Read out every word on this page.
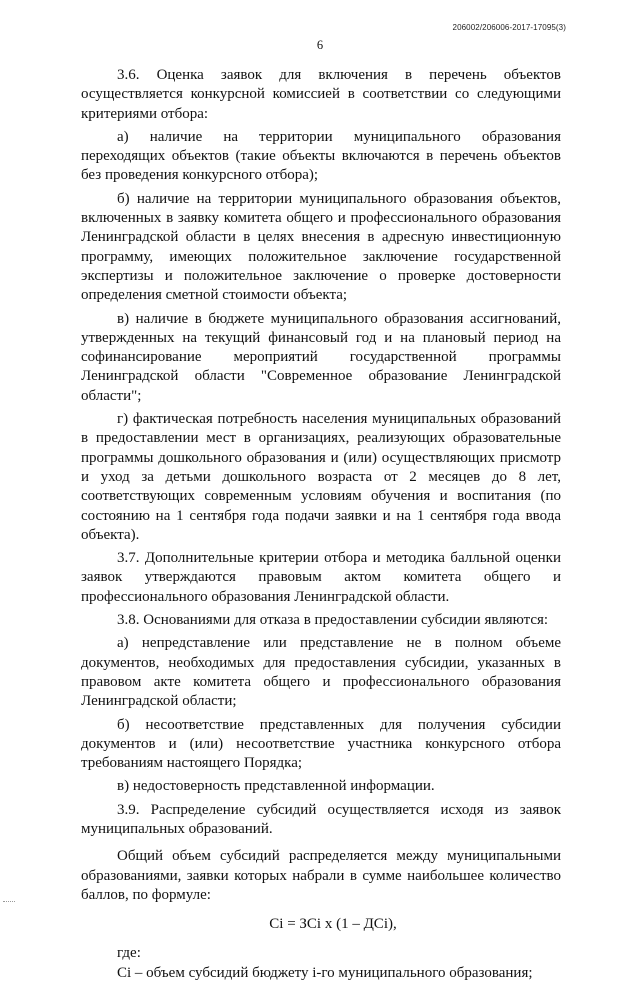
206002/206006-2017-17095(3)
6

3.6. Оценка заявок для включения в перечень объектов осуществляется конкурсной комиссией в соответствии со следующими критериями отбора:

а) наличие на территории муниципального образования переходящих объектов (такие объекты включаются в перечень объектов без проведения конкурсного отбора);

б) наличие на территории муниципального образования объектов, включенных в заявку комитета общего и профессионального образования Ленинградской области в целях внесения в адресную инвестиционную программу, имеющих положительное заключение государственной экспертизы и положительное заключение о проверке достоверности определения сметной стоимости объекта;

в) наличие в бюджете муниципального образования ассигнований, утвержденных на текущий финансовый год и на плановый период на софинансирование мероприятий государственной программы Ленинградской области "Современное образование Ленинградской области";

г) фактическая потребность населения муниципальных образований в предоставлении мест в организациях, реализующих образовательные программы дошкольного образования и (или) осуществляющих присмотр и уход за детьми дошкольного возраста от 2 месяцев до 8 лет, соответствующих современным условиям обучения и воспитания (по состоянию на 1 сентября года подачи заявки и на 1 сентября года ввода объекта).

3.7. Дополнительные критерии отбора и методика балльной оценки заявок утверждаются правовым актом комитета общего и профессионального образования Ленинградской области.

3.8. Основаниями для отказа в предоставлении субсидии являются:

а) непредставление или представление не в полном объеме документов, необходимых для предоставления субсидии, указанных в правовом акте комитета общего и профессионального образования Ленинградской области;

б) несоответствие представленных для получения субсидии документов и (или) несоответствие участника конкурсного отбора требованиям настоящего Порядка;

в) недостоверность представленной информации.

3.9. Распределение субсидий осуществляется исходя из заявок муниципальных образований.

Общий объем субсидий распределяется между муниципальными образованиями, заявки которых набрали в сумме наибольшее количество баллов, по формуле:

Ci = ЗCi x (1 – ДCi),

где:

Ci – объем субсидий бюджету i-го муниципального образования;
